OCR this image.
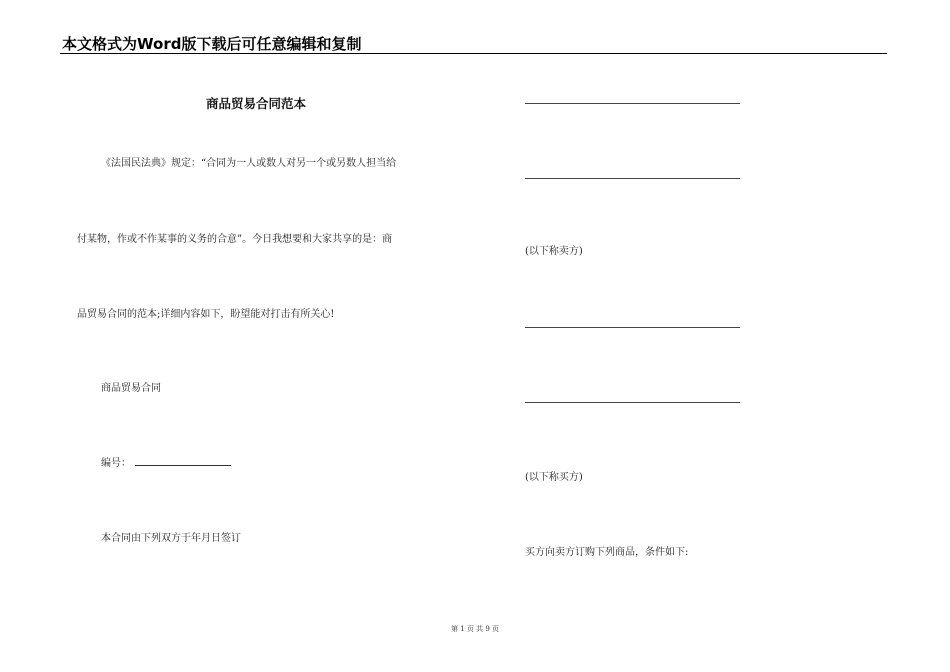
本文格式为Word版下载后可任意编辑和复制
商品贸易合同范本
《法国民法典》规定：“合同为一人或数人对另一个或另数人担当给
付某物，作或不作某事的义务的合意”。今日我想要和大家共享的是：商
品贸易合同的范本;详细内容如下，盼望能对打击有所关心!
商品贸易合同
编号：
本合同由下列双方于年月日签订
(以下称卖方)
(以下称买方)
买方向卖方订购下列商品，条件如下:
第 1 页 共 9 页
